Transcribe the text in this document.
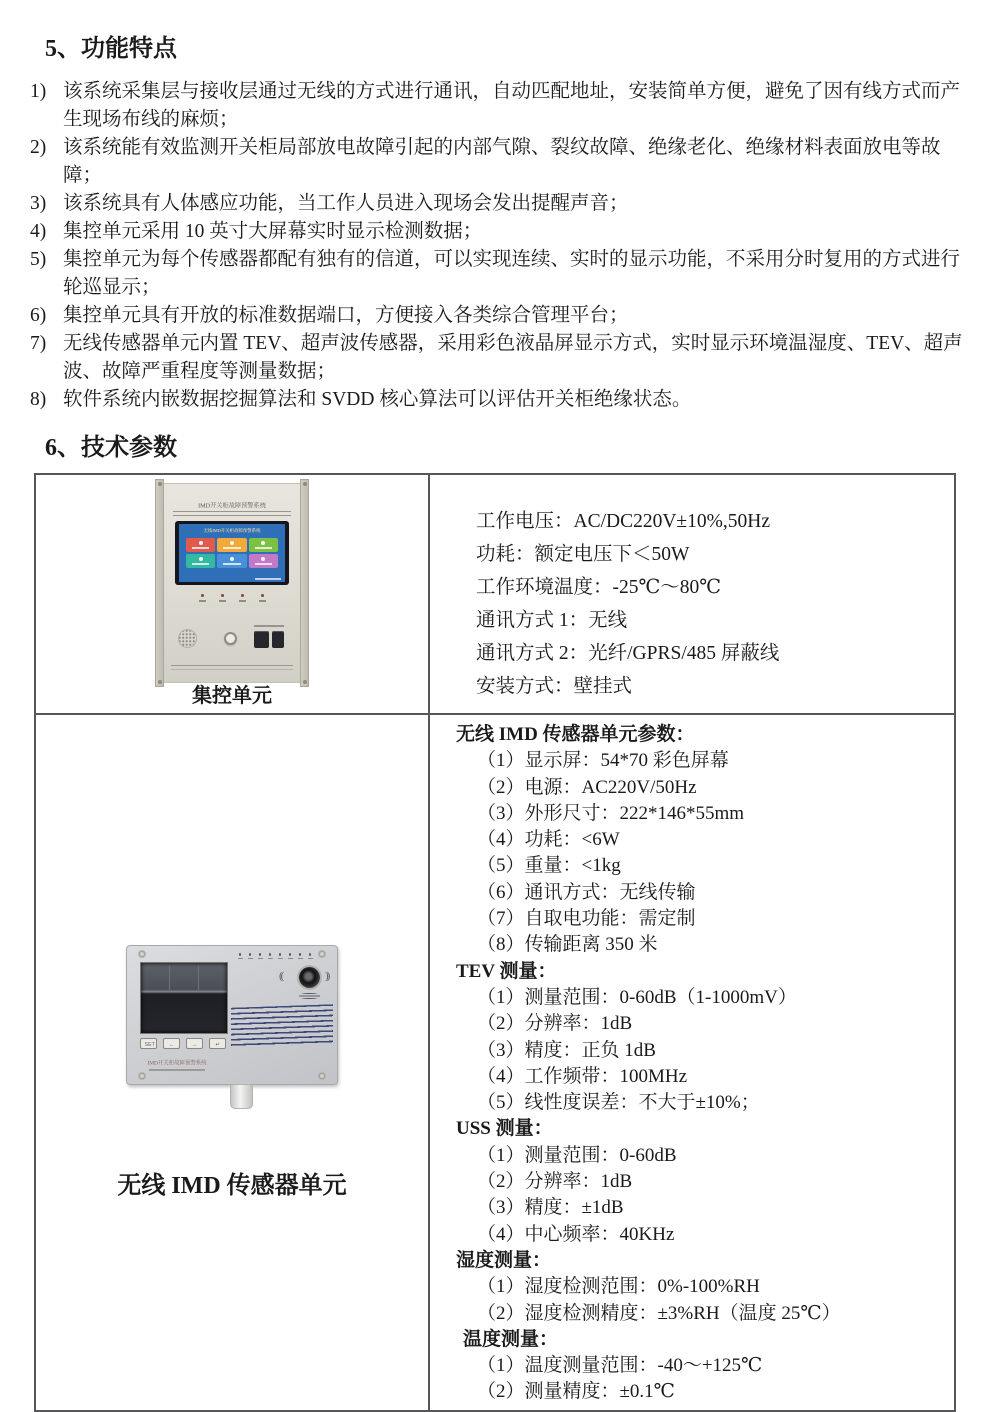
5、功能特点
1) 该系统采集层与接收层通过无线的方式进行通讯，自动匹配地址，安装简单方便，避免了因有线方式而产生现场布线的麻烦；
2) 该系统能有效监测开关柜局部放电故障引起的内部气隙、裂纹故障、绝缘老化、绝缘材料表面放电等故障；
3) 该系统具有人体感应功能，当工作人员进入现场会发出提醒声音；
4) 集控单元采用 10 英寸大屏幕实时显示检测数据；
5) 集控单元为每个传感器都配有独有的信道，可以实现连续、实时的显示功能，不采用分时复用的方式进行轮巡显示；
6) 集控单元具有开放的标准数据端口，方便接入各类综合管理平台；
7) 无线传感器单元内置 TEV、超声波传感器，采用彩色液晶屏显示方式，实时显示环境温湿度、TEV、超声波、故障严重程度等测量数据；
8) 软件系统内嵌数据挖掘算法和 SVDD 核心算法可以评估开关柜绝缘状态。
6、技术参数
IMD开关柜故障预警系统
无线IMD开关柜故障预警系统
集控单元

工作电压：AC/DC220V±10%,50Hz
功耗：额定电压下＜50W
工作环境温度：-25℃～80℃
通讯方式 1：无线
通讯方式 2：光纤/GPRS/485 屏蔽线
安装方式：壁挂式

((	))
SET	←	→	↵
IMD开关柜故障预警系统
无线 IMD 传感器单元

无线 IMD 传感器单元参数：
（1）显示屏：54*70 彩色屏幕
（2）电源：AC220V/50Hz
（3）外形尺寸：222*146*55mm
（4）功耗：<6W
（5）重量：<1kg
（6）通讯方式：无线传输
（7）自取电功能：需定制
（8）传输距离 350 米
TEV 测量：
（1）测量范围：0-60dB（1-1000mV）
（2）分辨率：1dB
（3）精度：正负 1dB
（4）工作频带：100MHz
（5）线性度误差：不大于±10%；
USS 测量：
（1）测量范围：0-60dB
（2）分辨率：1dB
（3）精度：±1dB
（4）中心频率：40KHz
湿度测量：
（1）湿度检测范围：0%-100%RH
（2）湿度检测精度：±3%RH（温度 25℃）
温度测量：
（1）温度测量范围：-40～+125℃
（2）测量精度：±0.1℃
